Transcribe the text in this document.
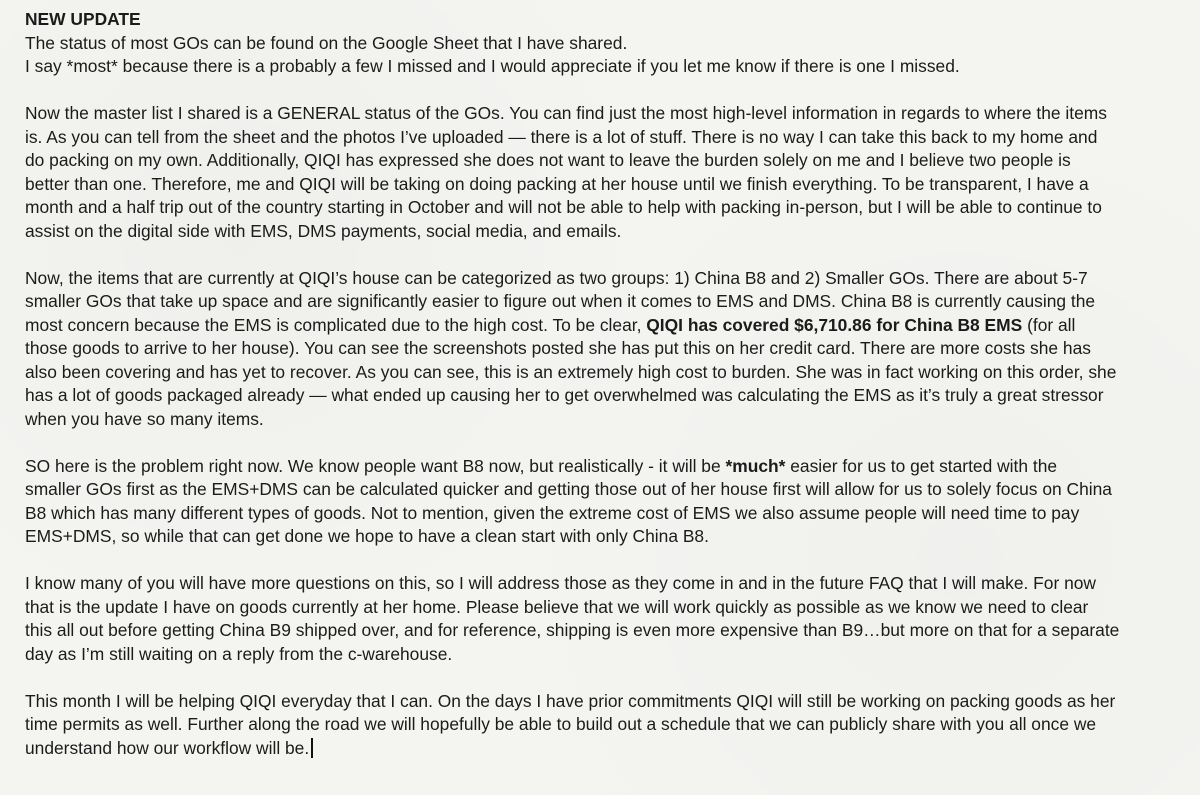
NEW UPDATE

The status of most GOs can be found on the Google Sheet that I have shared.
I say *most* because there is a probably a few I missed and I would appreciate if you let me know if there is one I missed.

Now the master list I shared is a GENERAL status of the GOs. You can find just the most high-level information in regards to where the items
is. As you can tell from the sheet and the photos I’ve uploaded — there is a lot of stuff. There is no way I can take this back to my home and
do packing on my own. Additionally, QIQI has expressed she does not want to leave the burden solely on me and I believe two people is
better than one. Therefore, me and QIQI will be taking on doing packing at her house until we finish everything. To be transparent, I have a
month and a half trip out of the country starting in October and will not be able to help with packing in-person, but I will be able to continue to
assist on the digital side with EMS, DMS payments, social media, and emails.

Now, the items that are currently at QIQI’s house can be categorized as two groups: 1) China B8 and 2) Smaller GOs. There are about 5-7
smaller GOs that take up space and are significantly easier to figure out when it comes to EMS and DMS. China B8 is currently causing the
most concern because the EMS is complicated due to the high cost. To be clear, QIQI has covered $6,710.86 for China B8 EMS (for all
those goods to arrive to her house). You can see the screenshots posted she has put this on her credit card. There are more costs she has
also been covering and has yet to recover. As you can see, this is an extremely high cost to burden. She was in fact working on this order, she
has a lot of goods packaged already — what ended up causing her to get overwhelmed was calculating the EMS as it’s truly a great stressor
when you have so many items.

SO here is the problem right now. We know people want B8 now, but realistically - it will be *much* easier for us to get started with the
smaller GOs first as the EMS+DMS can be calculated quicker and getting those out of her house first will allow for us to solely focus on China
B8 which has many different types of goods. Not to mention, given the extreme cost of EMS we also assume people will need time to pay
EMS+DMS, so while that can get done we hope to have a clean start with only China B8.

I know many of you will have more questions on this, so I will address those as they come in and in the future FAQ that I will make. For now
that is the update I have on goods currently at her home. Please believe that we will work quickly as possible as we know we need to clear
this all out before getting China B9 shipped over, and for reference, shipping is even more expensive than B9…but more on that for a separate
day as I’m still waiting on a reply from the c-warehouse.

This month I will be helping QIQI everyday that I can. On the days I have prior commitments QIQI will still be working on packing goods as her
time permits as well. Further along the road we will hopefully be able to build out a schedule that we can publicly share with you all once we
understand how our workflow will be.
